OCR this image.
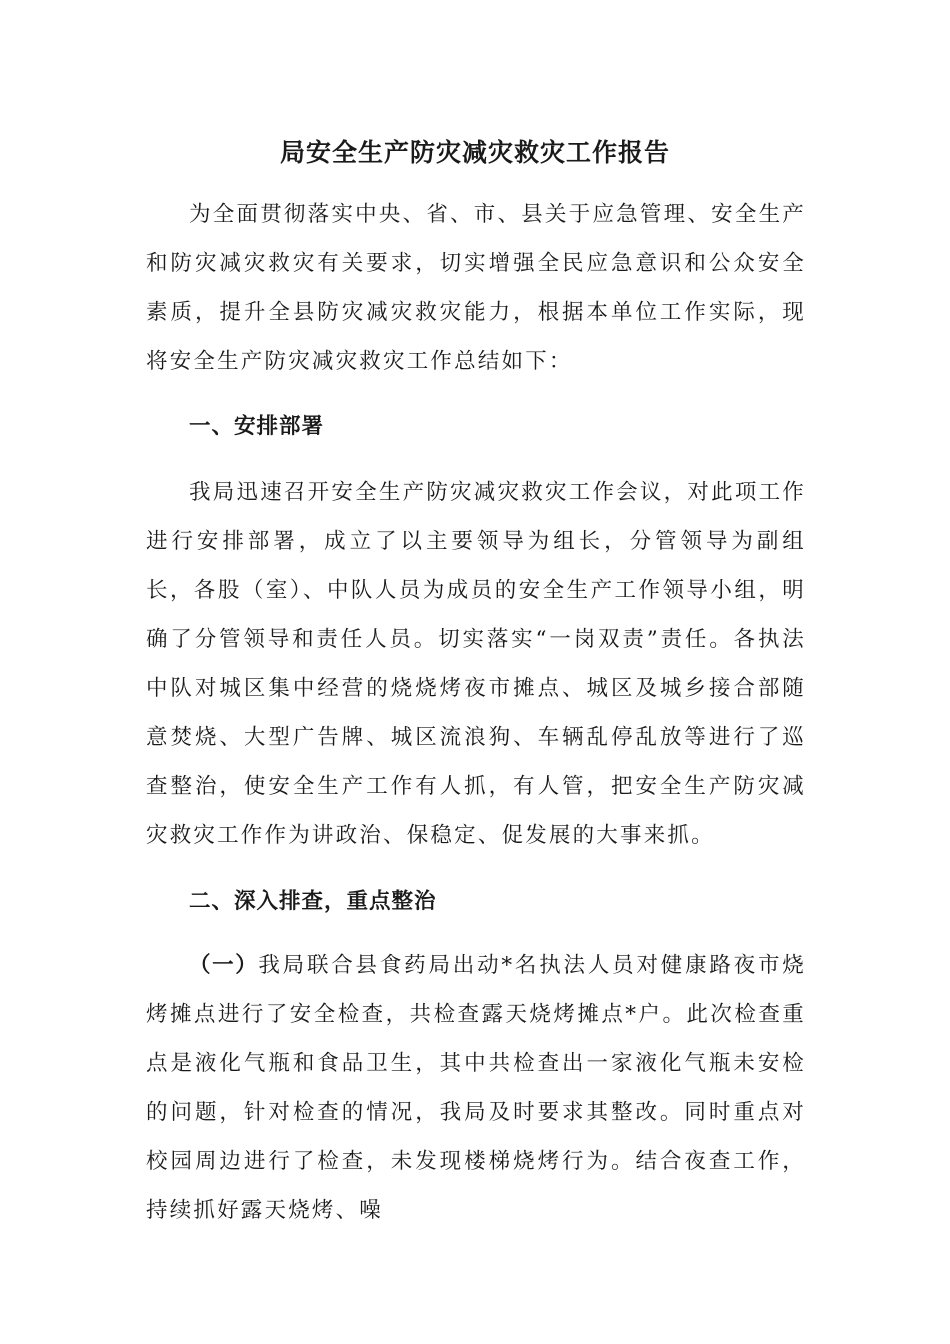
局安全生产防灾减灾救灾工作报告

为全面贯彻落实中央、省、市、县关于应急管理、安全生产和防灾减灾救灾有关要求，切实增强全民应急意识和公众安全素质，提升全县防灾减灾救灾能力，根据本单位工作实际，现将安全生产防灾减灾救灾工作总结如下：

一、安排部署

我局迅速召开安全生产防灾减灾救灾工作会议，对此项工作进行安排部署，成立了以主要领导为组长，分管领导为副组长，各股（室）、中队人员为成员的安全生产工作领导小组，明确了分管领导和责任人员。切实落实“一岗双责”责任。各执法中队对城区集中经营的烧烧烤夜市摊点、城区及城乡接合部随意焚烧、大型广告牌、城区流浪狗、车辆乱停乱放等进行了巡查整治，使安全生产工作有人抓，有人管，把安全生产防灾减灾救灾工作作为讲政治、保稳定、促发展的大事来抓。

二、深入排查，重点整治

（一）我局联合县食药局出动*名执法人员对健康路夜市烧烤摊点进行了安全检查，共检查露天烧烤摊点*户。此次检查重点是液化气瓶和食品卫生，其中共检查出一家液化气瓶未安检的问题，针对检查的情况，我局及时要求其整改。同时重点对校园周边进行了检查，未发现楼梯烧烤行为。结合夜查工作，持续抓好露天烧烤、噪
